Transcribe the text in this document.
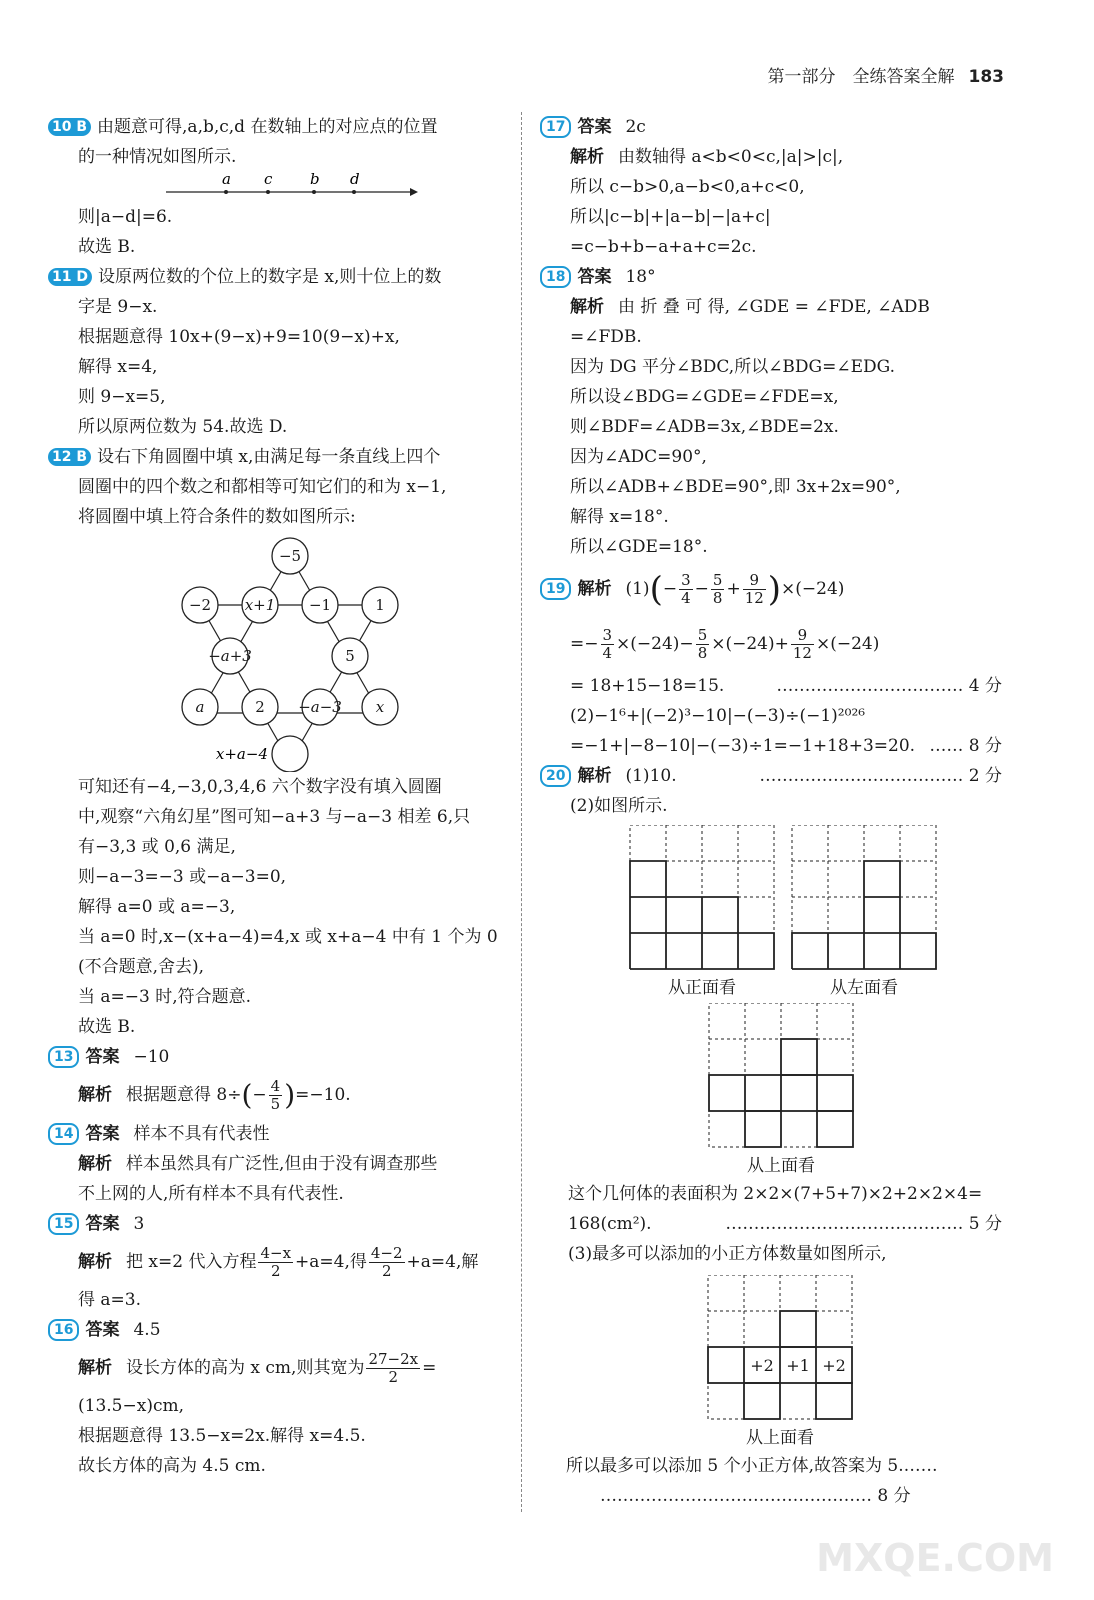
第一部分　全练答案全解 183
10 B 由题意可得,a,b,c,d 在数轴上的对应点的位置
的一种情况如图所示.
a c	b d
则|a−d|=6.
故选 B.
11 D 设原两位数的个位上的数字是 x,则十位上的数
字是 9−x.
根据题意得 10x+(9−x)+9=10(9−x)+x,
解得 x=4,
则 9−x=5,
所以原两位数为 54.故选 D.
12 B 设右下角圆圈中填 x,由满足每一条直线上四个
圆圈中的四个数之和都相等可知它们的和为 x−1,
将圆圈中填上符合条件的数如图所示:
−5
−2 x+1 −1	1
−a+3	5
a	2 −a−3 x
x+a−4
可知还有−4,−3,0,3,4,6 六个数字没有填入圆圈
中,观察“六角幻星”图可知−a+3 与−a−3 相差 6,只
有−3,3 或 0,6 满足,
则−a−3=−3 或−a−3=0,
解得 a=0 或 a=−3,
当 a=0 时,x−(x+a−4)=4,x 或 x+a−4 中有 1 个为 0
(不合题意,舍去),
当 a=−3 时,符合题意.
故选 B.
13 答案 −10
解析 根据题意得 $8\div(- \frac{4}{5} )=-10$.
14 答案 样本不具有代表性
解析 样本虽然具有广泛性,但由于没有调查那些
不上网的人,所有样本不具有代表性.
15 答案 3
解析 把 x=2 代入方程 $\frac{4-x}{2} +a=4$,得 $\frac{4-2}{2} +a=4$,解
得 a=3.
16 答案 4.5
解析 设长方体的高为 x cm,则其宽为 $\frac{27-2x}{2}$ =
(13.5−x)cm,
根据题意得 13.5−x=2x.解得 x=4.5.
故长方体的高为 4.5 cm.
17 答案 2c
解析 由数轴得 a<b<0<c,|a|>|c|,
所以 c−b>0,a−b<0,a+c<0,
所以|c−b|+|a−b|−|a+c|
=c−b+b−a+a+c=2c.
18 答案 18°
解析 由 折 叠 可 得, ∠GDE = ∠FDE, ∠ADB
=∠FDB.
因为 DG 平分∠BDC,所以∠BDG=∠EDG.
所以设∠BDG=∠GDE=∠FDE=x,
则∠BDF=∠ADB=3x,∠BDE=2x.
因为∠ADC=90°,
所以∠ADB+∠BDE=90°,即 3x+2x=90°,
解得 x=18°.
所以∠GDE=18°.
19 解析 $(1)(- \frac{3}{4} - \frac{5}{8} + \frac{9}{12} )\times(-24)$
=− $\frac{3}{4} \times(-24)- \frac{5}{8} \times(-24)+ \frac{9}{12} \times(-24)$
= 18+15−18=15.	…………………………… 4 分
(2)−1⁶+|(−2)³−10|−(−3)÷(−1)²⁰²⁶
=−1+|−8−10|−(−3)÷1=−1+18+3=20. …… 8 分
20 解析 (1)10.	……………………………… 2 分
(2)如图所示.
从正面看	从左面看
从上面看
这个几何体的表面积为 2×2×(7+5+7)×2+2×2×4=
168(cm²).	…………………………………… 5 分
(3)最多可以添加的小正方体数量如图所示,
+2 +1 +2
从上面看
所以最多可以添加 5 个小正方体,故答案为 5.……
………………………………………… 8 分
MXQE.COM
